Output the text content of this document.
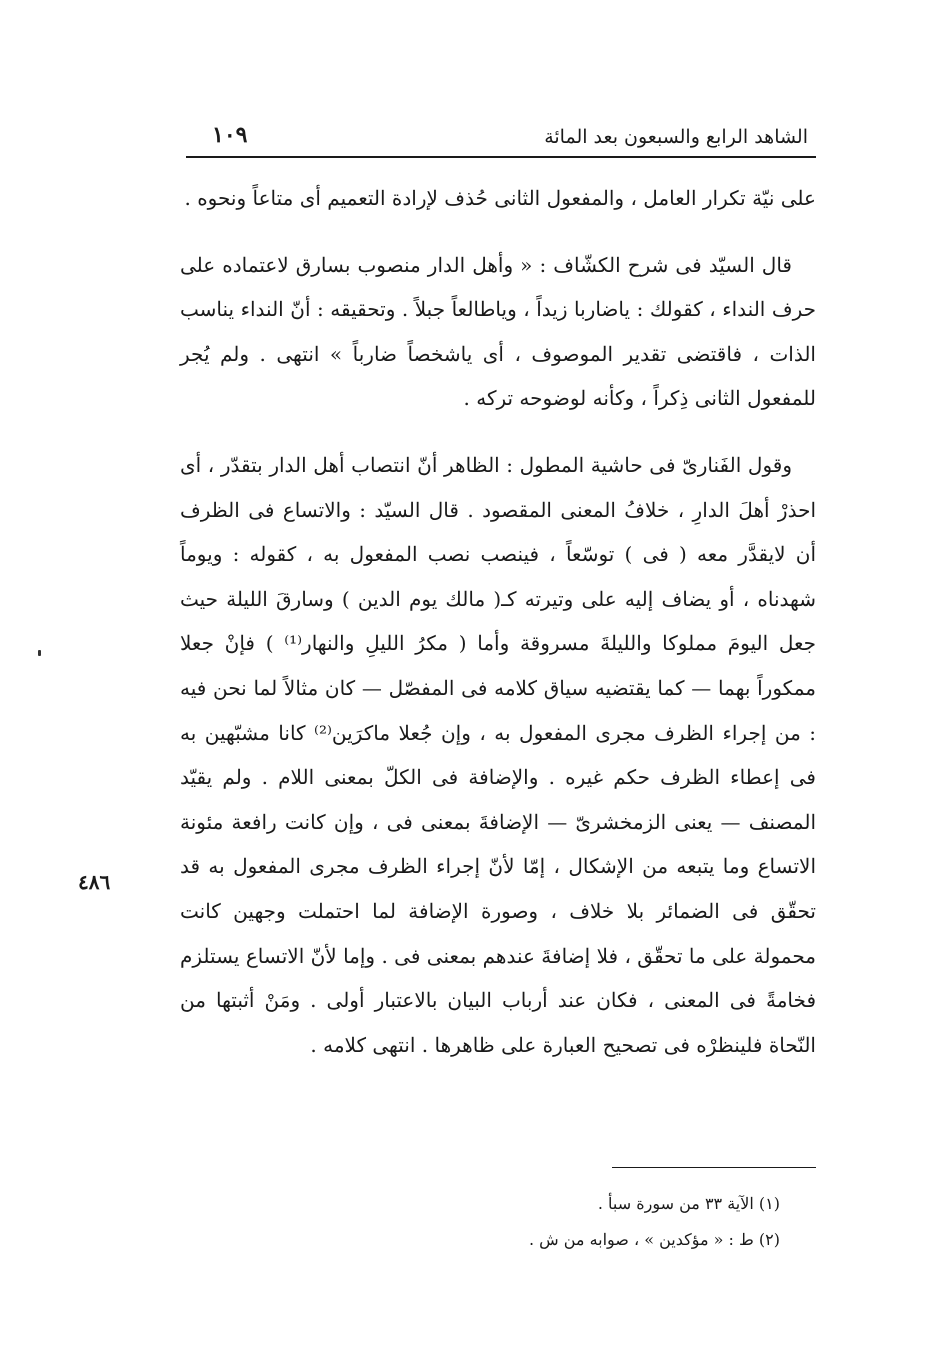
الشاهد الرابع والسبعون بعد المائة
١٠٩

على نيّة تكرار العامل ، والمفعول الثانى حُذف لإرادة التعميم أى متاعاً ونحوه .

قال السيّد فى شرح الكشّاف : « وأهل الدار منصوب بسارق لاعتماده على حرف النداء ، كقولك : ياضاربا زيداً ، وياطالعاً جبلاً . وتحقيقه : أنّ النداء يناسب الذات ، فاقتضى تقدير الموصوف ، أى ياشخصاً ضارباً » انتهى . ولم يُجر للمفعول الثانى ذِكراً ، وكأنه لوضوحه تركه .

وقول الفَنارىّ فى حاشية المطول : الظاهر أنّ انتصاب أهل الدار بتقدّر ، أى احذرْ أهلَ الدارِ ، خلافُ المعنى المقصود . قال السيّد : والاتساع فى الظرف أن لايقدَّر معه ( فى ) توسّعاً ، فينصب نصب المفعول به ، كقوله : ويوماً شهدناه ، أو يضاف إليه على وتيرته كـ( مالك يوم الدين ) وسارقَ الليلة حيث جعل اليومَ مملوكا والليلةَ مسروقة وأما ( مكرُ الليلِ والنهار⁽¹⁾ ) فإنْ جعلا ممكوراً بهما — كما يقتضيه سياق كلامه فى المفصّل — كان مثالاً لما نحن فيه : من إجراء الظرف مجرى المفعول به ، وإن جُعلا ماكرَين⁽²⁾ كانا مشبّهين به فى إعطاء الظرف حكم غيره . والإضافة فى الكلّ بمعنى اللام . ولم يقيّد المصنف — يعنى الزمخشرىّ — الإضافةَ بمعنى فى ، وإن كانت رافعة مئونة الاتساع وما يتبعه من الإشكال ، إمّا لأنّ إجراء الظرف مجرى المفعول به قد تحقّق فى الضمائر بلا خلاف ، وصورة الإضافة لما احتملت وجهين كانت محمولة على ما تحقّق ، فلا إضافةَ عندهم بمعنى فى . وإما لأنّ الاتساع يستلزم فخامةً فى المعنى ، فكان عند أرباب البيان بالاعتبار أولى . ومَنْ أثبتها من النّحاة فلينظرْه فى تصحيح العبارة على ظاهرها . انتهى كلامه .

٤٨٦
(١) الآية ٣٣ من سورة سبأ .
(٢) ط : « مؤكدين » ، صوابه من ش .
